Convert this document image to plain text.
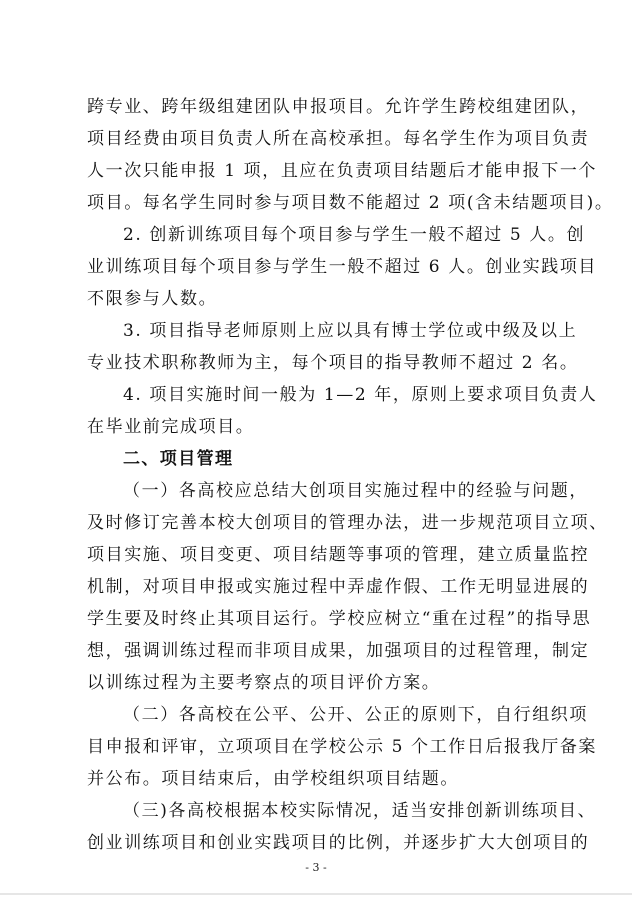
跨专业、跨年级组建团队申报项目。允许学生跨校组建团队，
项目经费由项目负责人所在高校承担。每名学生作为项目负责
人一次只能申报 1 项，且应在负责项目结题后才能申报下一个
项目。每名学生同时参与项目数不能超过 2 项(含未结题项目)。
2. 创新训练项目每个项目参与学生一般不超过 5 人。创
业训练项目每个项目参与学生一般不超过 6 人。创业实践项目
不限参与人数。
3. 项目指导老师原则上应以具有博士学位或中级及以上
专业技术职称教师为主，每个项目的指导教师不超过 2 名。
4. 项目实施时间一般为 1—2 年，原则上要求项目负责人
在毕业前完成项目。
二、项目管理
（一）各高校应总结大创项目实施过程中的经验与问题，
及时修订完善本校大创项目的管理办法，进一步规范项目立项、
项目实施、项目变更、项目结题等事项的管理，建立质量监控
机制，对项目申报或实施过程中弄虚作假、工作无明显进展的
学生要及时终止其项目运行。学校应树立“重在过程”的指导思
想，强调训练过程而非项目成果，加强项目的过程管理，制定
以训练过程为主要考察点的项目评价方案。
（二）各高校在公平、公开、公正的原则下，自行组织项
目申报和评审，立项项目在学校公示 5 个工作日后报我厅备案
并公布。项目结束后，由学校组织项目结题。
（三)各高校根据本校实际情况，适当安排创新训练项目、
创业训练项目和创业实践项目的比例，并逐步扩大大创项目的
- 3 -
